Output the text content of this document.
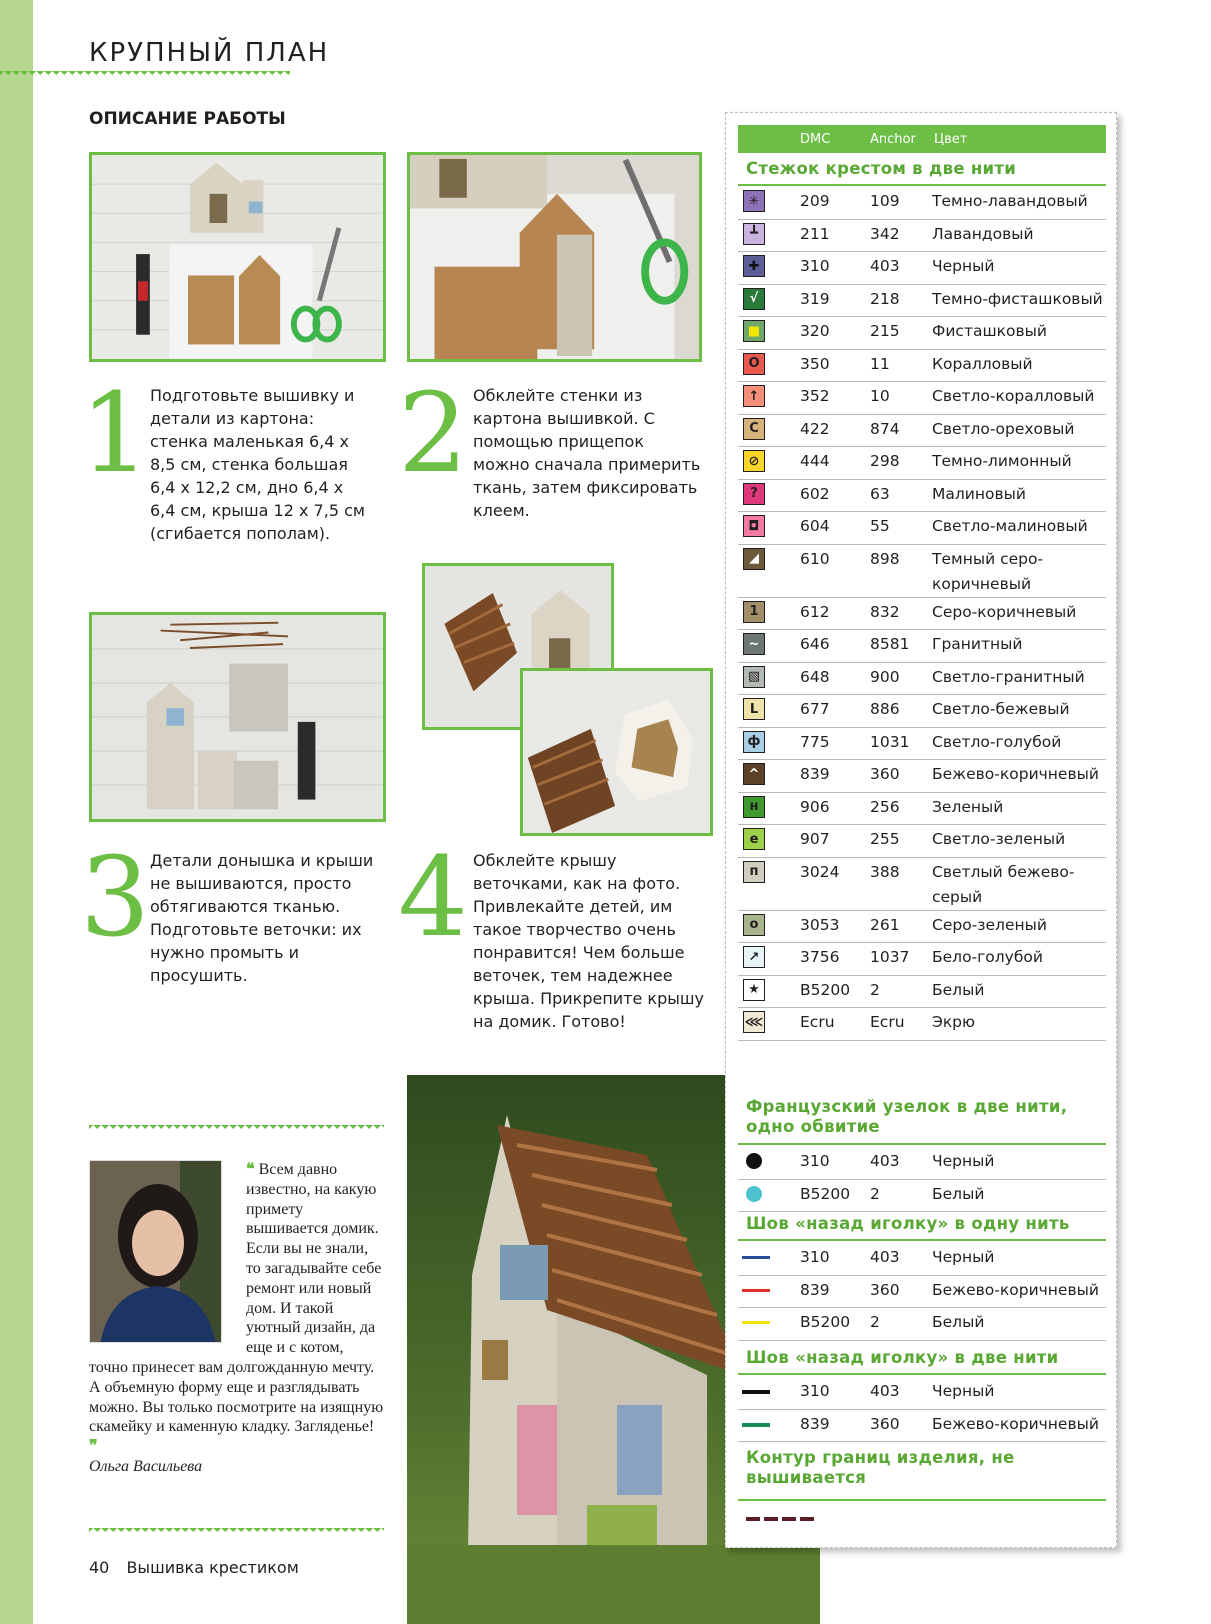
КРУПНЫЙ ПЛАН
ОПИСАНИЕ РАБОТЫ
1 Подготовьте вышивку и детали из картона: стенка маленькая 6,4 х 8,5 см, стенка большая 6,4 х 12,2 см, дно 6,4 х 6,4 см, крыша 12 х 7,5 см (сгибается пополам).
2 Обклейте стенки из картона вышивкой. С помощью прищепок можно сначала примерить ткань, затем фиксировать клеем.
3 Детали донышка и крыши не вышиваются, просто обтягиваются тканью. Подготовьте веточки: их нужно промыть и просушить.
4 Обклейте крышу веточками, как на фото. Привлекайте детей, им такое творчество очень понравится! Чем больше веточек, тем надежнее крыша. Прикрепите крышу на домик. Готово!
❝ Всем давно известно, на какую примету вышивается домик. Если вы не знали, то загадывайте себе ремонт или новый дом. И такой уютный дизайн, да еще и с котом, точно принесет вам долгожданную мечту. А объемную форму еще и разглядывать можно. Вы только посмотрите на изящную скамейку и каменную кладку. Загляденье! ❞
Ольга Васильева
40 Вышивка крестиком
DMC	Anchor Цвет
Стежок крестом в две нити
✳	209	109 Темно-лавандовый
┻	211	342 Лавандовый
✚	310	403 Черный
√	319	218 Темно-фисташковый
■	320	215 Фисташковый
O	350	11	Коралловый
↑	352	10	Светло-коралловый
C	422	874 Светло-ореховый
⊘	444	298 Темно-лимонный
?	602	63	Малиновый
◘	604	55	Светло-малиновый
◢	610	898 Темный серо-коричневый
1	612	832 Серо-коричневый
~	646	8581 Гранитный
▧	648	900 Светло-гранитный
L	677	886 Светло-бежевый
ф	775	1031 Светло-голубой
^	839	360 Бежево-коричневый
н	906	256 Зеленый
e	907	255 Светло-зеленый
п	3024 388 Светлый бежево-серый
o	3053 261 Серо-зеленый
↗	3756 1037 Бело-голубой
★	B5200 2	Белый
⋘ Ecru Ecru Экрю
Французский узелок в две нити, одно обвитие
310	403 Черный
B5200 2	Белый
Шов «назад иголку» в одну нить
310	403 Черный
839	360 Бежево-коричневый
B5200 2	Белый
Шов «назад иголку» в две нити
310	403 Черный
839	360 Бежево-коричневый
Контур границ изделия, не вышивается
